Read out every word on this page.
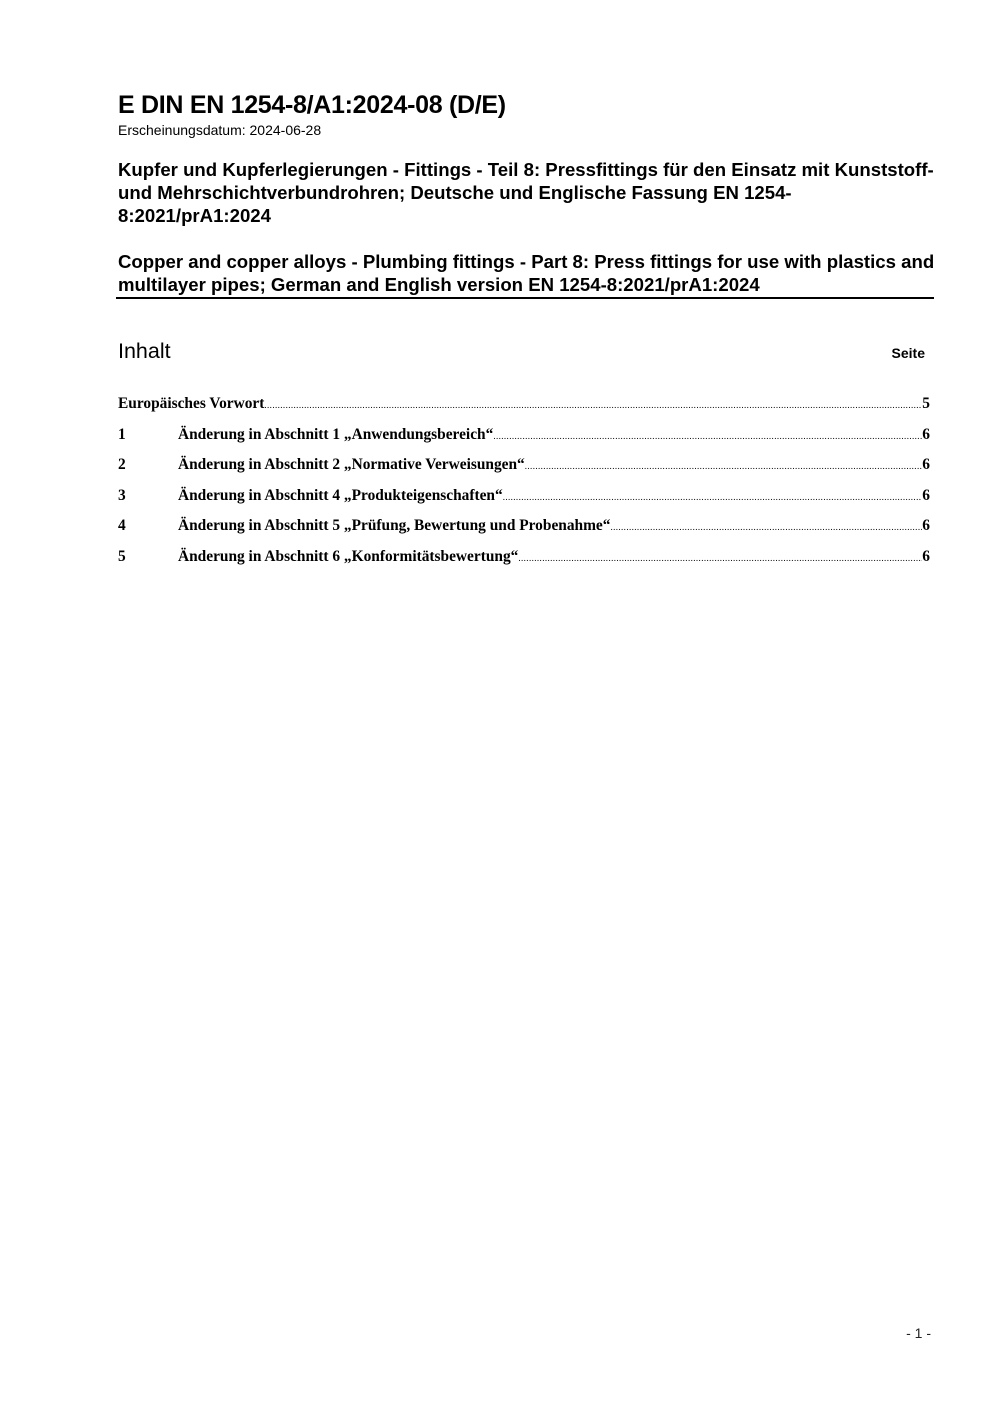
E DIN EN 1254-8/A1:2024-08 (D/E)
Erscheinungsdatum: 2024-06-28
Kupfer und Kupferlegierungen - Fittings - Teil 8: Pressfittings für den Einsatz mit Kunststoff- und Mehrschichtverbundrohren; Deutsche und Englische Fassung EN 1254-8:2021/prA1:2024
Copper and copper alloys - Plumbing fittings - Part 8: Press fittings for use with plastics and multilayer pipes; German and English version EN 1254-8:2021/prA1:2024
Inhalt	Seite
Europäisches Vorwort .....	5
1	Änderung in Abschnitt 1 „Anwendungsbereich“ .....	6
2	Änderung in Abschnitt 2 „Normative Verweisungen“ .....	6
3	Änderung in Abschnitt 4 „Produkteigenschaften“ .....	6
4	Änderung in Abschnitt 5 „Prüfung, Bewertung und Probenahme“ .....	6
5	Änderung in Abschnitt 6 „Konformitätsbewertung“ .....	6
- 1 -
